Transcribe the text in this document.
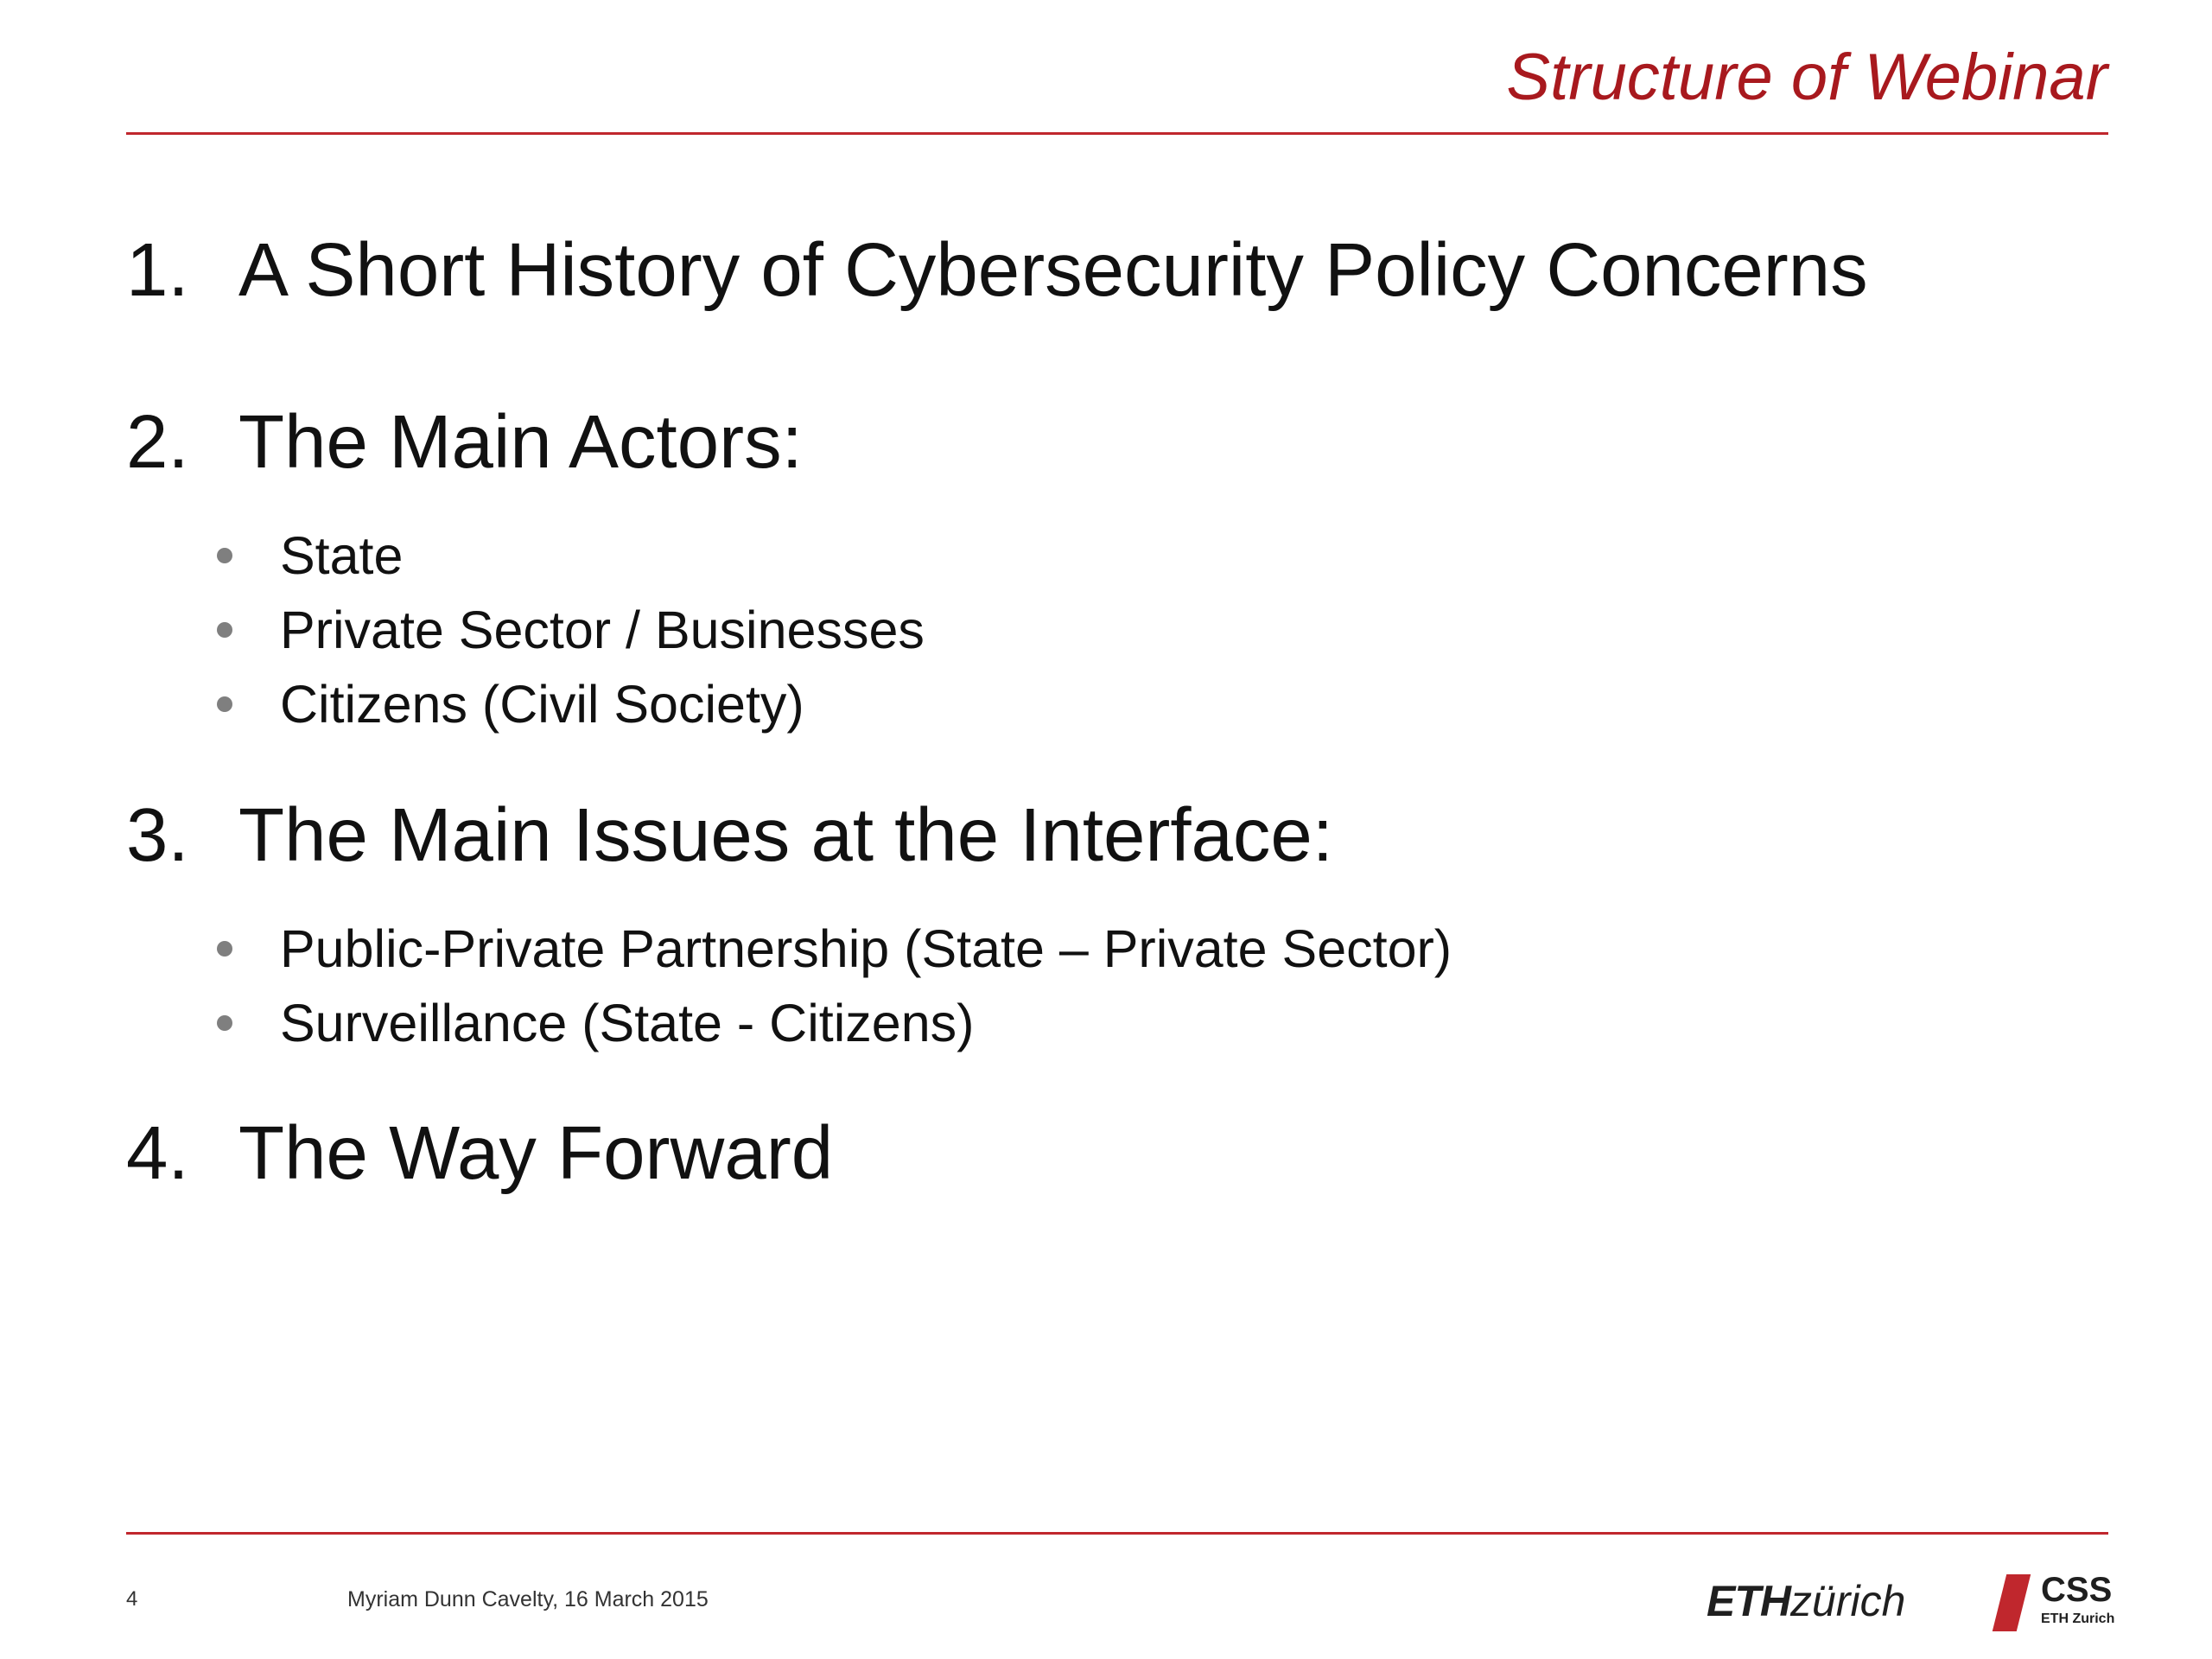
Structure of Webinar
1. A Short History of Cybersecurity Policy Concerns
2. The Main Actors:
State
Private Sector / Businesses
Citizens (Civil Society)
3. The Main Issues at the Interface:
Public-Private Partnership (State – Private Sector)
Surveillance (State - Citizens)
4. The Way Forward
4	Myriam Dunn Cavelty, 16 March 2015	ETHzürich	CSS
ETH Zurich
